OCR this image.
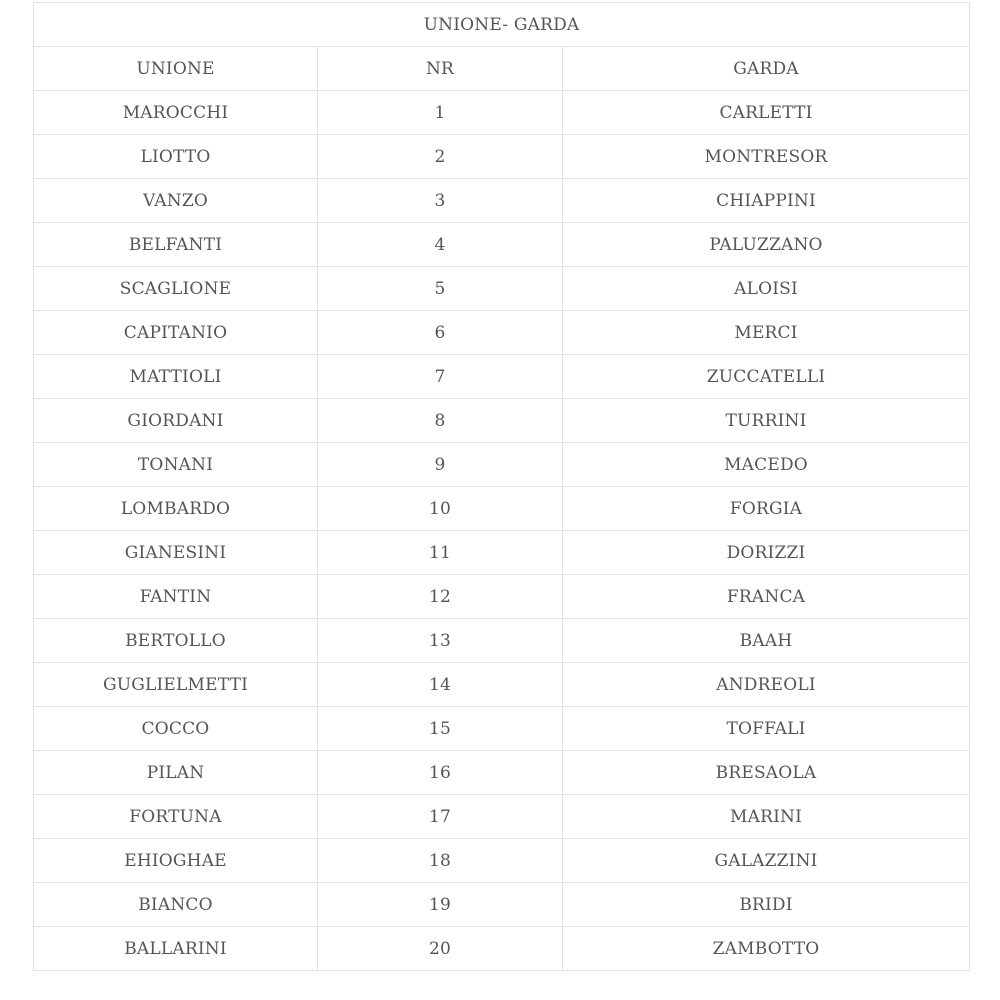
UNIONE- GARDA		
UNIONE	NR	GARDA
MAROCCHI	1	CARLETTI
LIOTTO	2	MONTRESOR
VANZO	3	CHIAPPINI
BELFANTI	4	PALUZZANO
SCAGLIONE	5	ALOISI
CAPITANIO	6	MERCI
MATTIOLI	7	ZUCCATELLI
GIORDANI	8	TURRINI
TONANI	9	MACEDO
LOMBARDO	10	FORGIA
GIANESINI	11	DORIZZI
FANTIN	12	FRANCA
BERTOLLO	13	BAAH
GUGLIELMETTI	14	ANDREOLI
COCCO	15	TOFFALI
PILAN	16	BRESAOLA
FORTUNA	17	MARINI
EHIOGHAE	18	GALAZZINI
BIANCO	19	BRIDI
BALLARINI	20	ZAMBOTTO
